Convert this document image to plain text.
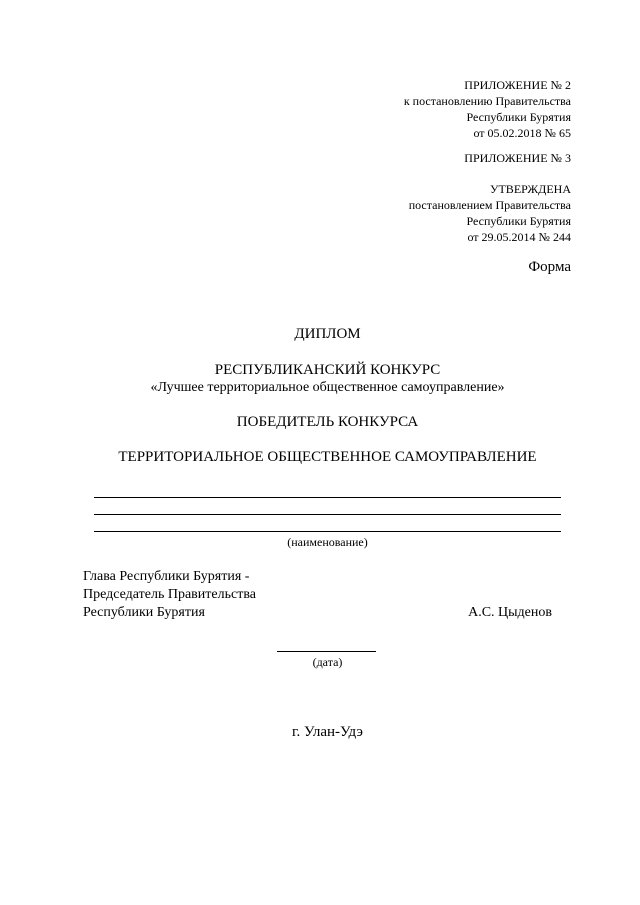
ПРИЛОЖЕНИЕ № 2
к постановлению Правительства
Республики Бурятия
от 05.02.2018 № 65
ПРИЛОЖЕНИЕ № 3
УТВЕРЖДЕНА
постановлением Правительства
Республики Бурятия
от 29.05.2014 № 244
Форма
ДИПЛОМ
РЕСПУБЛИКАНСКИЙ КОНКУРС
«Лучшее территориальное общественное самоуправление»
ПОБЕДИТЕЛЬ КОНКУРСА
ТЕРРИТОРИАЛЬНОЕ ОБЩЕСТВЕННОЕ САМОУПРАВЛЕНИЕ
(наименование)
Глава Республики Бурятия -
Председатель Правительства
Республики Бурятия	А.С. Цыденов
(дата)
г. Улан-Удэ
